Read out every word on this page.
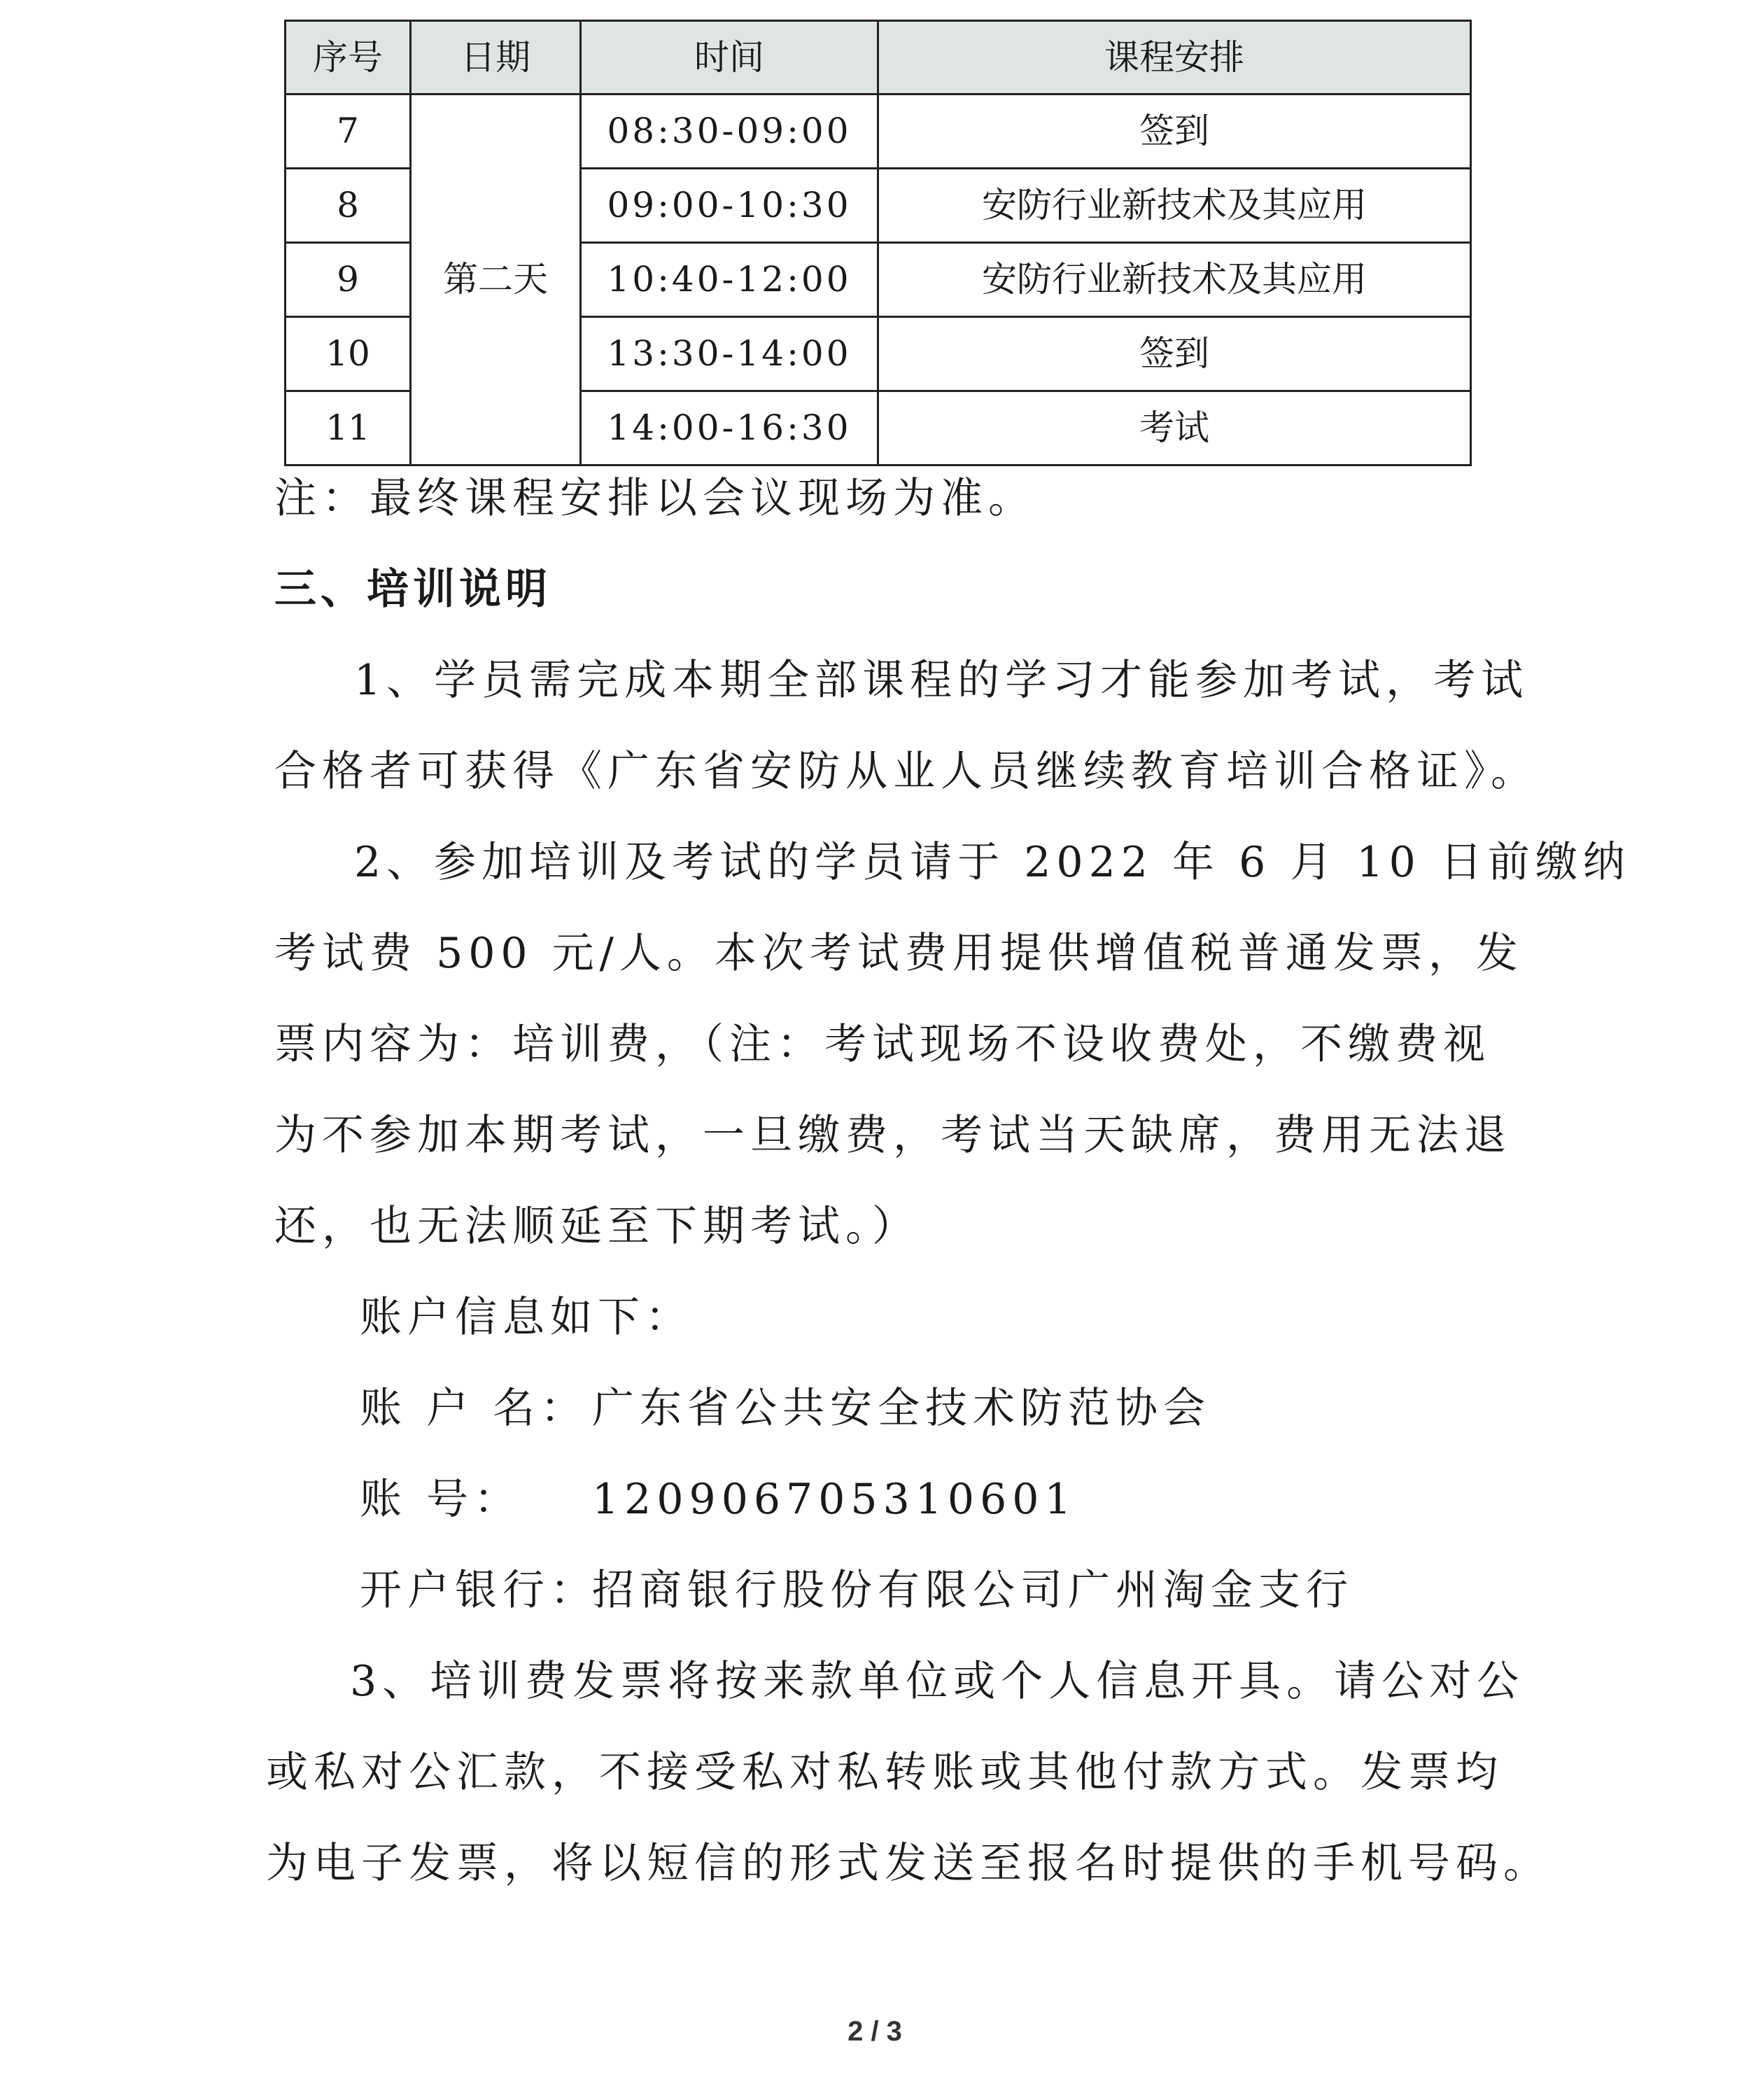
序号	日期	时间	课程安排
7	第二天	08:30-09:00	签到
8		09:00-10:30	安防行业新技术及其应用
9		10:40-12:00	安防行业新技术及其应用
10		13:30-14:00	签到
11		14:00-16:30	考试
注：最终课程安排以会议现场为准。
三、培训说明
1、学员需完成本期全部课程的学习才能参加考试，考试
合格者可获得《广东省安防从业人员继续教育培训合格证》。
2、参加培训及考试的学员请于 2022 年 6 月 10 日前缴纳
考试费 500 元/人。本次考试费用提供增值税普通发票，发
票内容为：培训费，（注：考试现场不设收费处，不缴费视
为不参加本期考试，一旦缴费，考试当天缺席，费用无法退
还，也无法顺延至下期考试。）
账户信息如下：
账 户 名： 广东省公共安全技术防范协会
账 号： 120906705310601
开户银行：
招商银行股份有限公司广州淘金支行
3、培训费发票将按来款单位或个人信息开具。请公对公
或私对公汇款，不接受私对私转账或其他付款方式。发票均
为电子发票，将以短信的形式发送至报名时提供的手机号码。
2 / 3
